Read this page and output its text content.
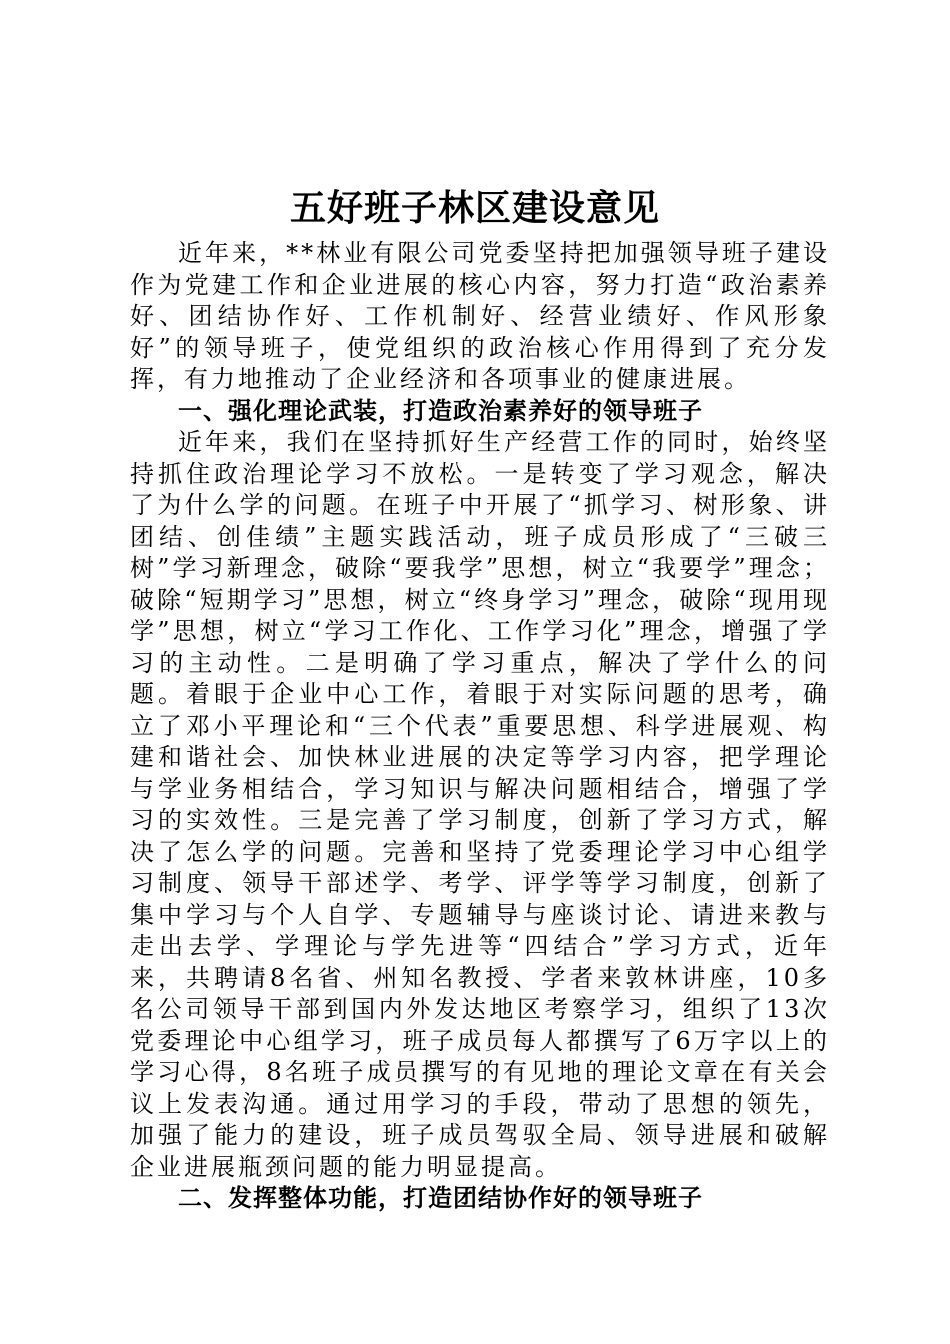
五好班子林区建设意见

近年来，**林业有限公司党委坚持把加强领导班子建设作为党建工作和企业进展的核心内容，努力打造“政治素养好、团结协作好、工作机制好、经营业绩好、作风形象好”的领导班子，使党组织的政治核心作用得到了充分发挥，有力地推动了企业经济和各项事业的健康进展。

一、强化理论武装，打造政治素养好的领导班子

近年来，我们在坚持抓好生产经营工作的同时，始终坚持抓住政治理论学习不放松。一是转变了学习观念，解决了为什么学的问题。在班子中开展了“抓学习、树形象、讲团结、创佳绩”主题实践活动，班子成员形成了“三破三树”学习新理念，破除“要我学”思想，树立“我要学”理念；破除“短期学习”思想，树立“终身学习”理念，破除“现用现学”思想，树立“学习工作化、工作学习化”理念，增强了学习的主动性。二是明确了学习重点，解决了学什么的问题。着眼于企业中心工作，着眼于对实际问题的思考，确立了邓小平理论和“三个代表”重要思想、科学进展观、构建和谐社会、加快林业进展的决定等学习内容，把学理论与学业务相结合，学习知识与解决问题相结合，增强了学习的实效性。三是完善了学习制度，创新了学习方式，解决了怎么学的问题。完善和坚持了党委理论学习中心组学习制度、领导干部述学、考学、评学等学习制度，创新了集中学习与个人自学、专题辅导与座谈讨论、请进来教与走出去学、学理论与学先进等“四结合”学习方式，近年来，共聘请8名省、州知名教授、学者来敦林讲座，10多名公司领导干部到国内外发达地区考察学习，组织了13次党委理论中心组学习，班子成员每人都撰写了6万字以上的学习心得，8名班子成员撰写的有见地的理论文章在有关会议上发表沟通。通过用学习的手段，带动了思想的领先，加强了能力的建设，班子成员驾驭全局、领导进展和破解企业进展瓶颈问题的能力明显提高。

二、发挥整体功能，打造团结协作好的领导班子
